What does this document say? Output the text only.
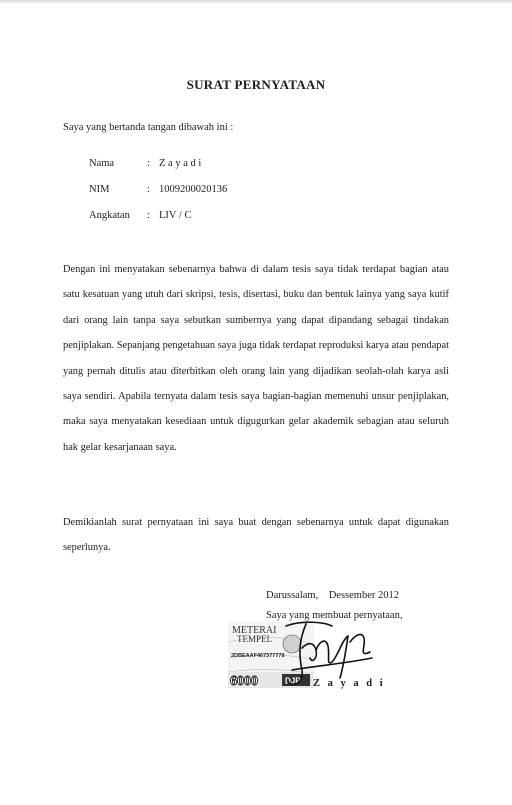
SURAT PERNYATAAN
Saya yang bertanda tangan dibawah ini :
Nama	: Z a y a d i
NIM	: 1009200020136
Angkatan	: LIV / C
Dengan ini menyatakan sebenarnya bahwa di dalam tesis saya tidak terdapat bagian atau satu kesatuan yang utuh dari skripsi, tesis, disertasi, buku dan bentuk lainya yang saya kutif dari orang lain tanpa saya sebutkan sumbernya yang dapat dipandang sebagai tindakan penjiplakan. Sepanjang pengetahuan saya juga tidak terdapat reproduksi karya atau pendapat yang pernah ditulis atau diterbitkan oleh orang lain yang dijadikan seolah-olah karya asli saya sendiri. Apabila ternyata dalam tesis saya bagian-bagian memenuhi unsur penjiplakan, maka saya menyatakan kesediaan untuk digugurkan gelar akademik sebagian atau seluruh hak gelar kesarjanaan saya.
Demikianlah surat pernyataan ini saya buat dengan sebenarnya untuk dapat digunakan seperlunya.
Darussalam, Dessember 2012
Saya yang membuat pernyataan,
METERAI
TEMPEL
2DBEAAF467377778
6000	DJP Z a y a d i
